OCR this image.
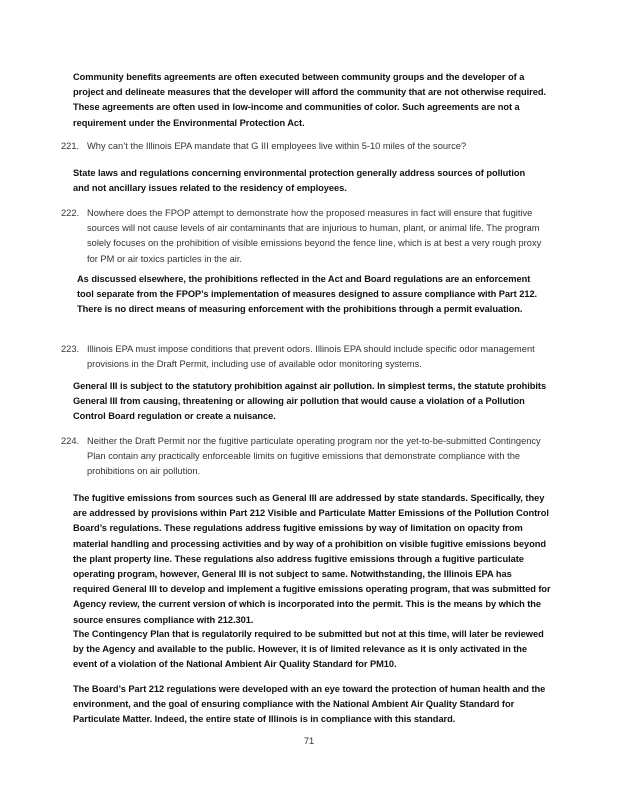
Community benefits agreements are often executed between community groups and the developer of a project and delineate measures that the developer will afford the community that are not otherwise required. These agreements are often used in low-income and communities of color. Such agreements are not a requirement under the Environmental Protection Act.

221. Why can’t the Illinois EPA mandate that G III employees live within 5-10 miles of the source?

State laws and regulations concerning environmental protection generally address sources of pollution and not ancillary issues related to the residency of employees.

222. Nowhere does the FPOP attempt to demonstrate how the proposed measures in fact will ensure that fugitive sources will not cause levels of air contaminants that are injurious to human, plant, or animal life. The program solely focuses on the prohibition of visible emissions beyond the fence line, which is at best a very rough proxy for PM or air toxics particles in the air.

As discussed elsewhere, the prohibitions reflected in the Act and Board regulations are an enforcement tool separate from the FPOP’s implementation of measures designed to assure compliance with Part 212. There is no direct means of measuring enforcement with the prohibitions through a permit evaluation.

223. Illinois EPA must impose conditions that prevent odors. Illinois EPA should include specific odor management provisions in the Draft Permit, including use of available odor monitoring systems.

General III is subject to the statutory prohibition against air pollution. In simplest terms, the statute prohibits General III from causing, threatening or allowing air pollution that would cause a violation of a Pollution Control Board regulation or create a nuisance.

224. Neither the Draft Permit nor the fugitive particulate operating program nor the yet-to-be-submitted Contingency Plan contain any practically enforceable limits on fugitive emissions that demonstrate compliance with the prohibitions on air pollution.

The fugitive emissions from sources such as General III are addressed by state standards. Specifically, they are addressed by provisions within Part 212 Visible and Particulate Matter Emissions of the Pollution Control Board’s regulations. These regulations address fugitive emissions by way of limitation on opacity from material handling and processing activities and by way of a prohibition on visible fugitive emissions beyond the plant property line. These regulations also address fugitive emissions through a fugitive particulate operating program, however, General III is not subject to same. Notwithstanding, the Illinois EPA has required General III to develop and implement a fugitive emissions operating program, that was submitted for Agency review, the current version of which is incorporated into the permit. This is the means by which the source ensures compliance with 212.301.

The Contingency Plan that is regulatorily required to be submitted but not at this time, will later be reviewed by the Agency and available to the public. However, it is of limited relevance as it is only activated in the event of a violation of the National Ambient Air Quality Standard for PM10.

The Board’s Part 212 regulations were developed with an eye toward the protection of human health and the environment, and the goal of ensuring compliance with the National Ambient Air Quality Standard for Particulate Matter. Indeed, the entire state of Illinois is in compliance with this standard.

71
